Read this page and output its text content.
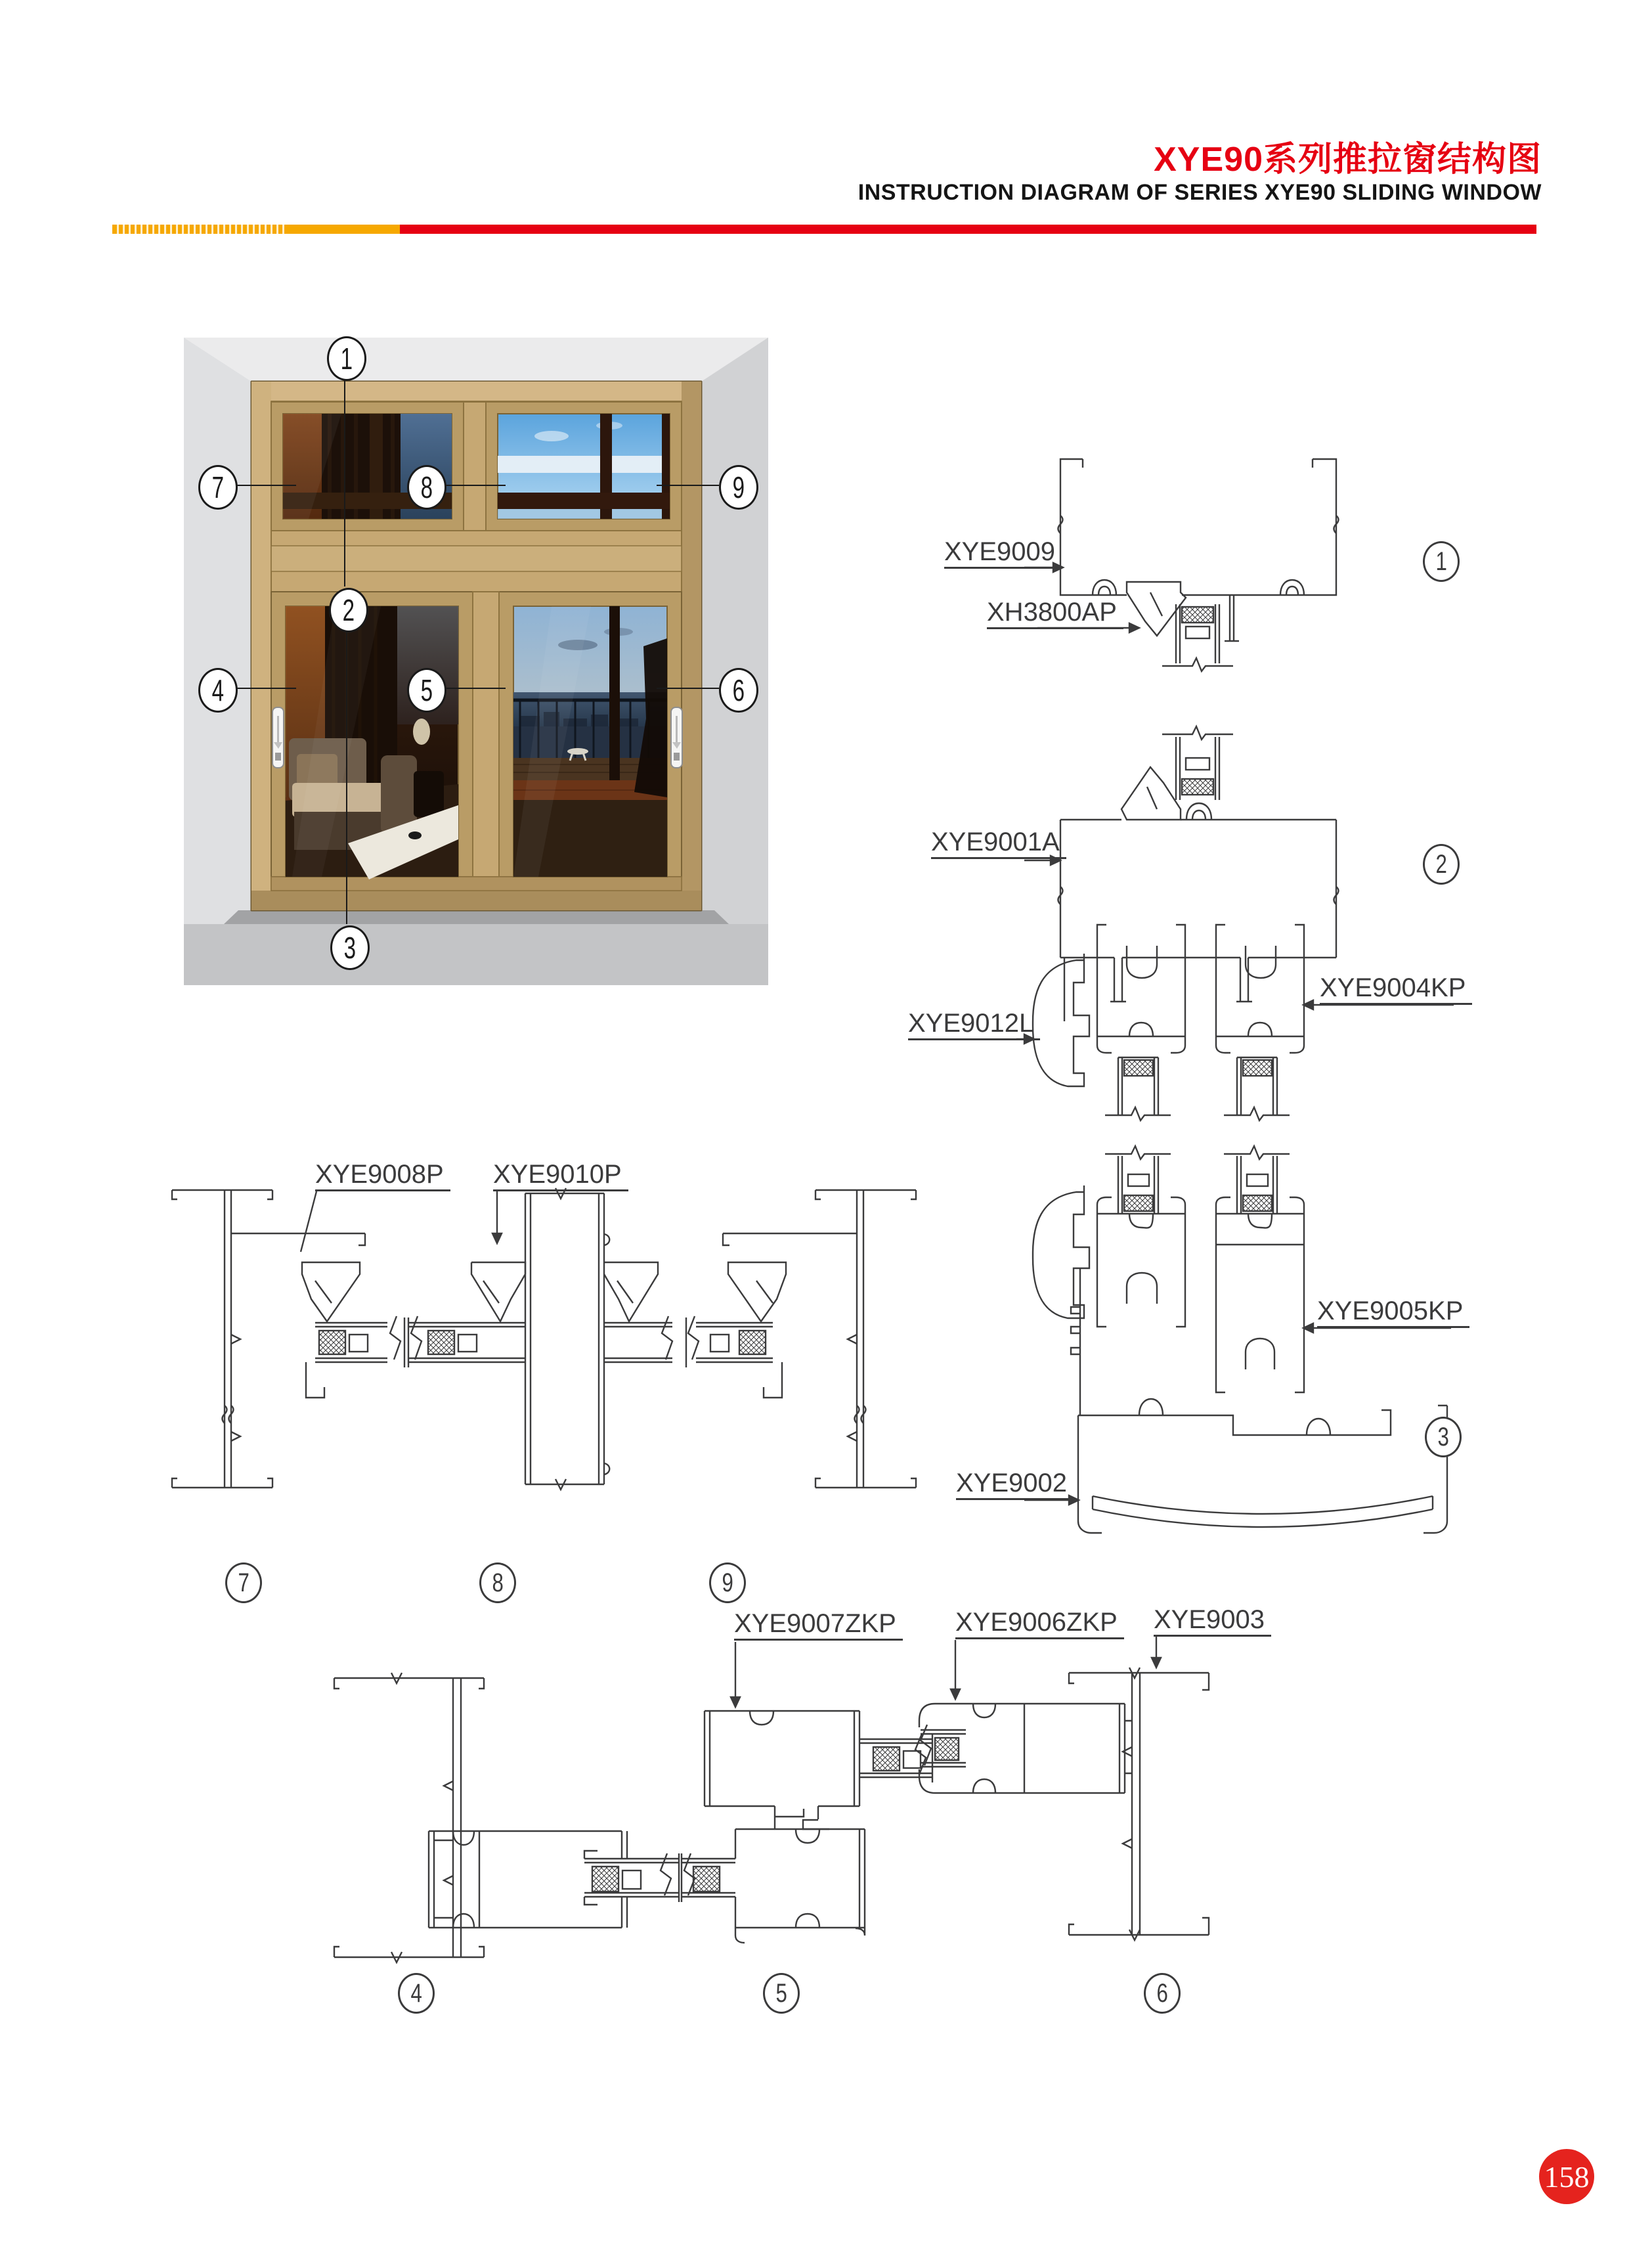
XYE90系列推拉窗结构图
INSTRUCTION DIAGRAM OF SERIES XYE90 SLIDING WINDOW
XYE9009
XH3800AP
XYE9001A
XYE9012L
XYE9004KP
XYE9005KP
XYE9002
XYE9008P XYE9010P
XYE9007ZKP XYE9006ZKP XYE9003
1
2
3
4	5	6
7	8	9
1
2
3
4	5	6
7	8	9
158
